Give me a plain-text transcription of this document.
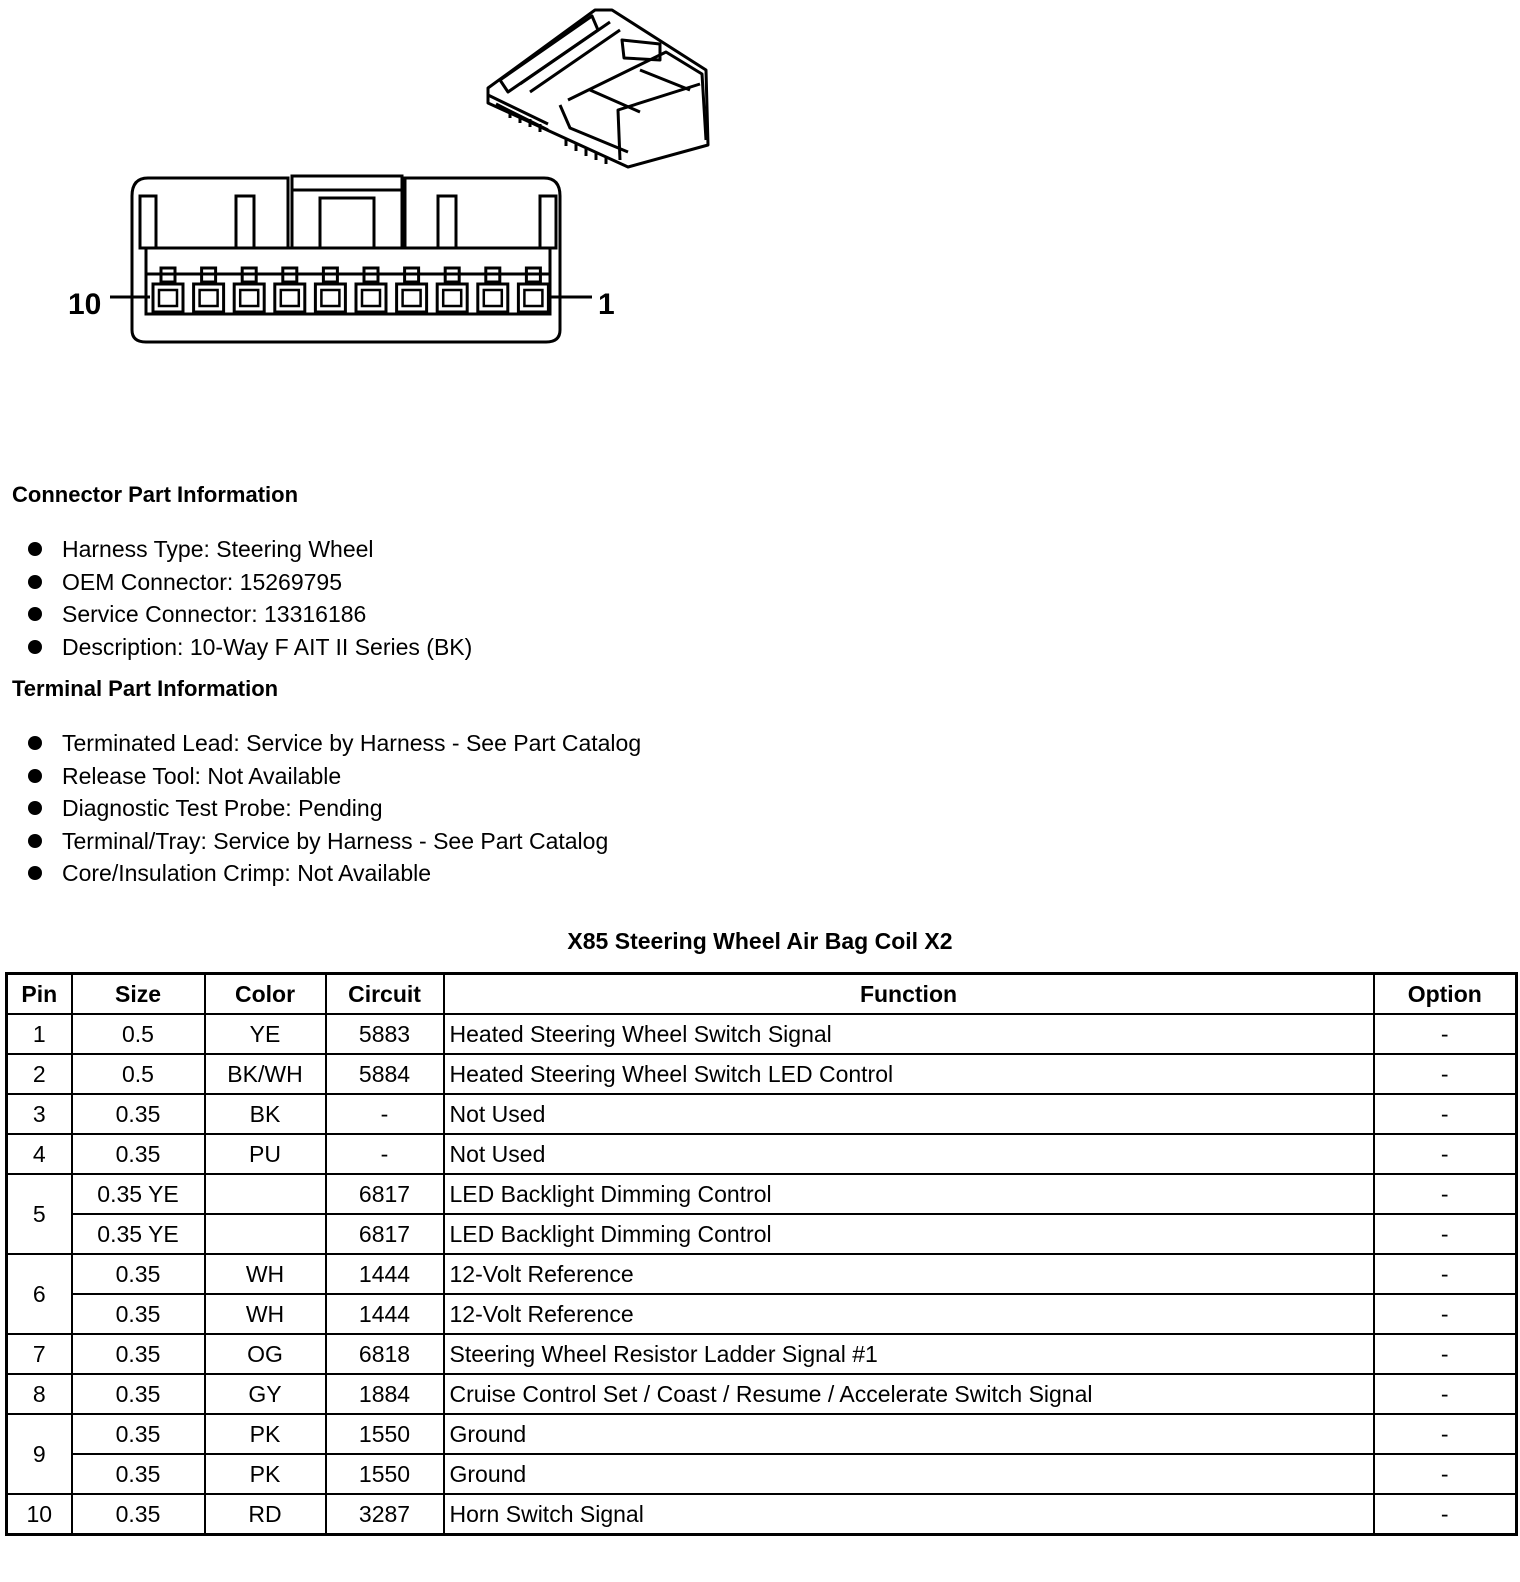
10	1
Connector Part Information
Harness Type: Steering Wheel
OEM Connector: 15269795
Service Connector: 13316186
Description: 10-Way F AIT II Series (BK)
Terminal Part Information
Terminated Lead: Service by Harness - See Part Catalog
Release Tool: Not Available
Diagnostic Test Probe: Pending
Terminal/Tray: Service by Harness - See Part Catalog
Core/Insulation Crimp: Not Available
X85 Steering Wheel Air Bag Coil X2
Pin	Size	Color	Circuit	Function	Option
1	0.5	YE	5883	Heated Steering Wheel Switch Signal	-
2	0.5	BK/WH	5884	Heated Steering Wheel Switch LED Control	-
3	0.35	BK	-	Not Used	-
4	0.35	PU	-	Not Used	-
5	0.35 YE		6817	LED Backlight Dimming Control	-
	0.35 YE		6817	LED Backlight Dimming Control	-
6	0.35	WH	1444	12-Volt Reference	-
	0.35	WH	1444	12-Volt Reference	-
7	0.35	OG	6818	Steering Wheel Resistor Ladder Signal #1	-
8	0.35	GY	1884	Cruise Control Set / Coast / Resume / Accelerate Switch Signal	-
9	0.35	PK	1550	Ground	-
	0.35	PK	1550	Ground	-
10	0.35	RD	3287	Horn Switch Signal	-
